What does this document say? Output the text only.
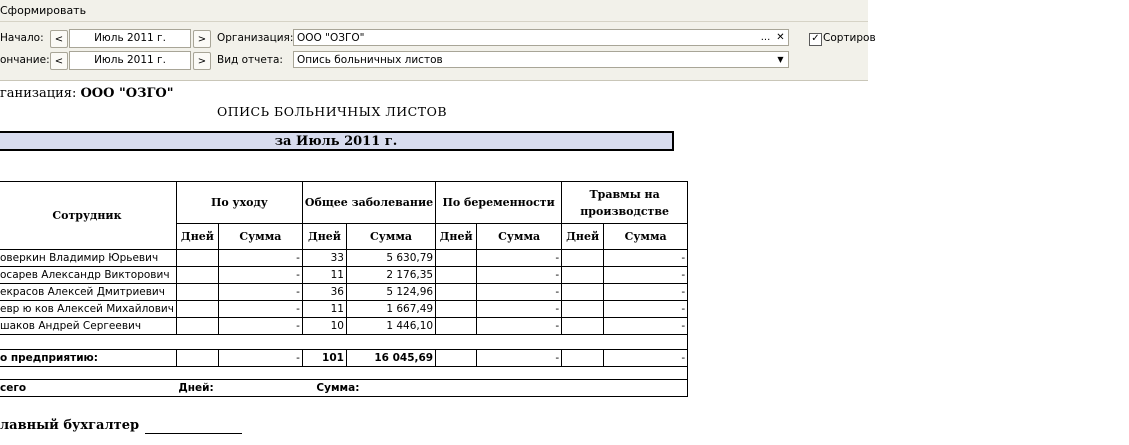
Сформировать
Начало:	<	Июль 2011 г.	>	Организация: ООО "ОЗГО"	... ✕	✓ Сортиров
ончание: <	Июль 2011 г.	>	Вид отчета:	Опись больничных листов	▼
ганизация: ООО "ОЗГО"
ОПИСЬ БОЛЬНИЧНЫХ ЛИСТОВ
за Июль 2011 г.
Сотрудник	По уходу		Общее заболевание		По беременности		Травмы на производстве	
	Дней	Сумма	Дней	Сумма	Дней	Сумма	Дней	Сумма
оверкин Владимир Юрьевич		-	33	5 630,79		-		-
осарев Александр Викторович		-	11	2 176,35		-		-
екрасов Алексей Дмитриевич		-	36	5 124,96		-		-
евр ю ков Алексей Михайлович		-	11	1 667,49		-		-
шаков Андрей Сергеевич		-	10	1 446,10		-		-

о предприятию:		-	101	16 045,69		-		-

сего	Дней:		Сумма:					
лавный бухгалтер
